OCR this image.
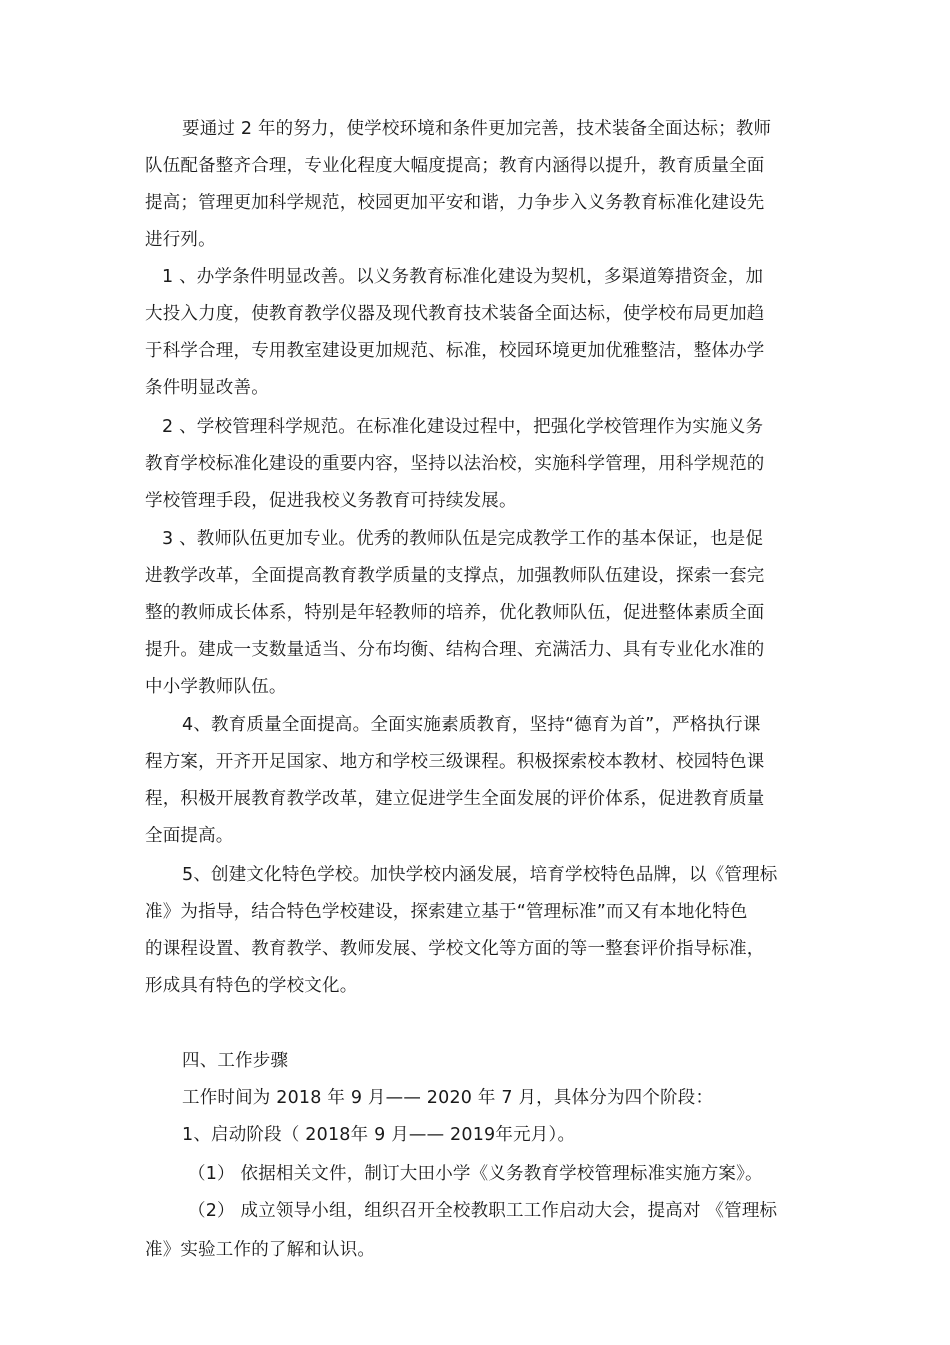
要通过 2 年的努力，使学校环境和条件更加完善，技术装备全面达标；教师
队伍配备整齐合理，专业化程度大幅度提高；教育内涵得以提升，教育质量全面
提高；管理更加科学规范，校园更加平安和谐，力争步入义务教育标准化建设先
进行列。
1 、办学条件明显改善。以义务教育标准化建设为契机，多渠道筹措资金，加
大投入力度，使教育教学仪器及现代教育技术装备全面达标，使学校布局更加趋
于科学合理，专用教室建设更加规范、标准，校园环境更加优雅整洁，整体办学
条件明显改善。
2 、学校管理科学规范。在标准化建设过程中，把强化学校管理作为实施义务
教育学校标准化建设的重要内容，坚持以法治校，实施科学管理，用科学规范的
学校管理手段，促进我校义务教育可持续发展。
3 、教师队伍更加专业。优秀的教师队伍是完成教学工作的基本保证，也是促
进教学改革，全面提高教育教学质量的支撑点，加强教师队伍建设，探索一套完
整的教师成长体系，特别是年轻教师的培养，优化教师队伍，促进整体素质全面
提升。建成一支数量适当、分布均衡、结构合理、充满活力、具有专业化水准的
中小学教师队伍。
4、教育质量全面提高。全面实施素质教育，坚持“德育为首”，严格执行课
程方案，开齐开足国家、地方和学校三级课程。积极探索校本教材、校园特色课
程，积极开展教育教学改革，建立促进学生全面发展的评价体系，促进教育质量
全面提高。
5、创建文化特色学校。加快学校内涵发展，培育学校特色品牌，以《管理标
准》为指导，结合特色学校建设，探索建立基于“管理标准”而又有本地化特色
的课程设置、教育教学、教师发展、学校文化等方面的等一整套评价指导标准，
形成具有特色的学校文化。
四、工作步骤
工作时间为 2018 年 9 月—— 2020 年 7 月，具体分为四个阶段：
1、启动阶段（ 2018年 9 月—— 2019年元月）。
（1） 依据相关文件，制订大田小学《义务教育学校管理标准实施方案》。
（2） 成立领导小组，组织召开全校教职工工作启动大会，提高对 《管理标
准》实验工作的了解和认识。
